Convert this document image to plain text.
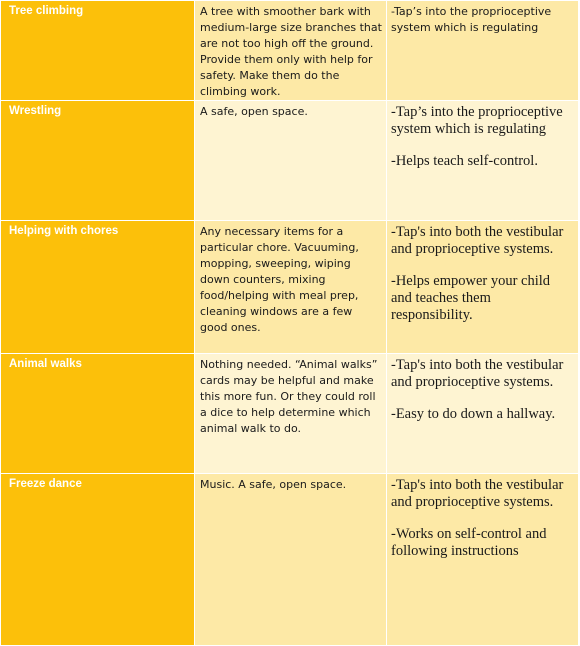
Tree climbing	A tree with smoother bark with medium-large size branches that are not too high off the ground. Provide them only with help for safety. Make them do the climbing work.	-Tap’s into the proprioceptive system which is regulating

Wrestling	A safe, open space.	-Tap’s into the proprioceptive system which is regulating
-Helps teach self-control.

Helping with chores	Any necessary items for a particular chore. Vacuuming, mopping, sweeping, wiping down counters, mixing food/helping with meal prep, cleaning windows are a few good ones.	-Tap's into both the vestibular and proprioceptive systems.
-Helps empower your child and teaches them responsibility.

Animal walks	Nothing needed. “Animal walks” cards may be helpful and make this more fun. Or they could roll a dice to help determine which animal walk to do.	-Tap's into both the vestibular and proprioceptive systems.
-Easy to do down a hallway.

Freeze dance	Music. A safe, open space.	-Tap's into both the vestibular and proprioceptive systems.
-Works on self-control and following instructions
